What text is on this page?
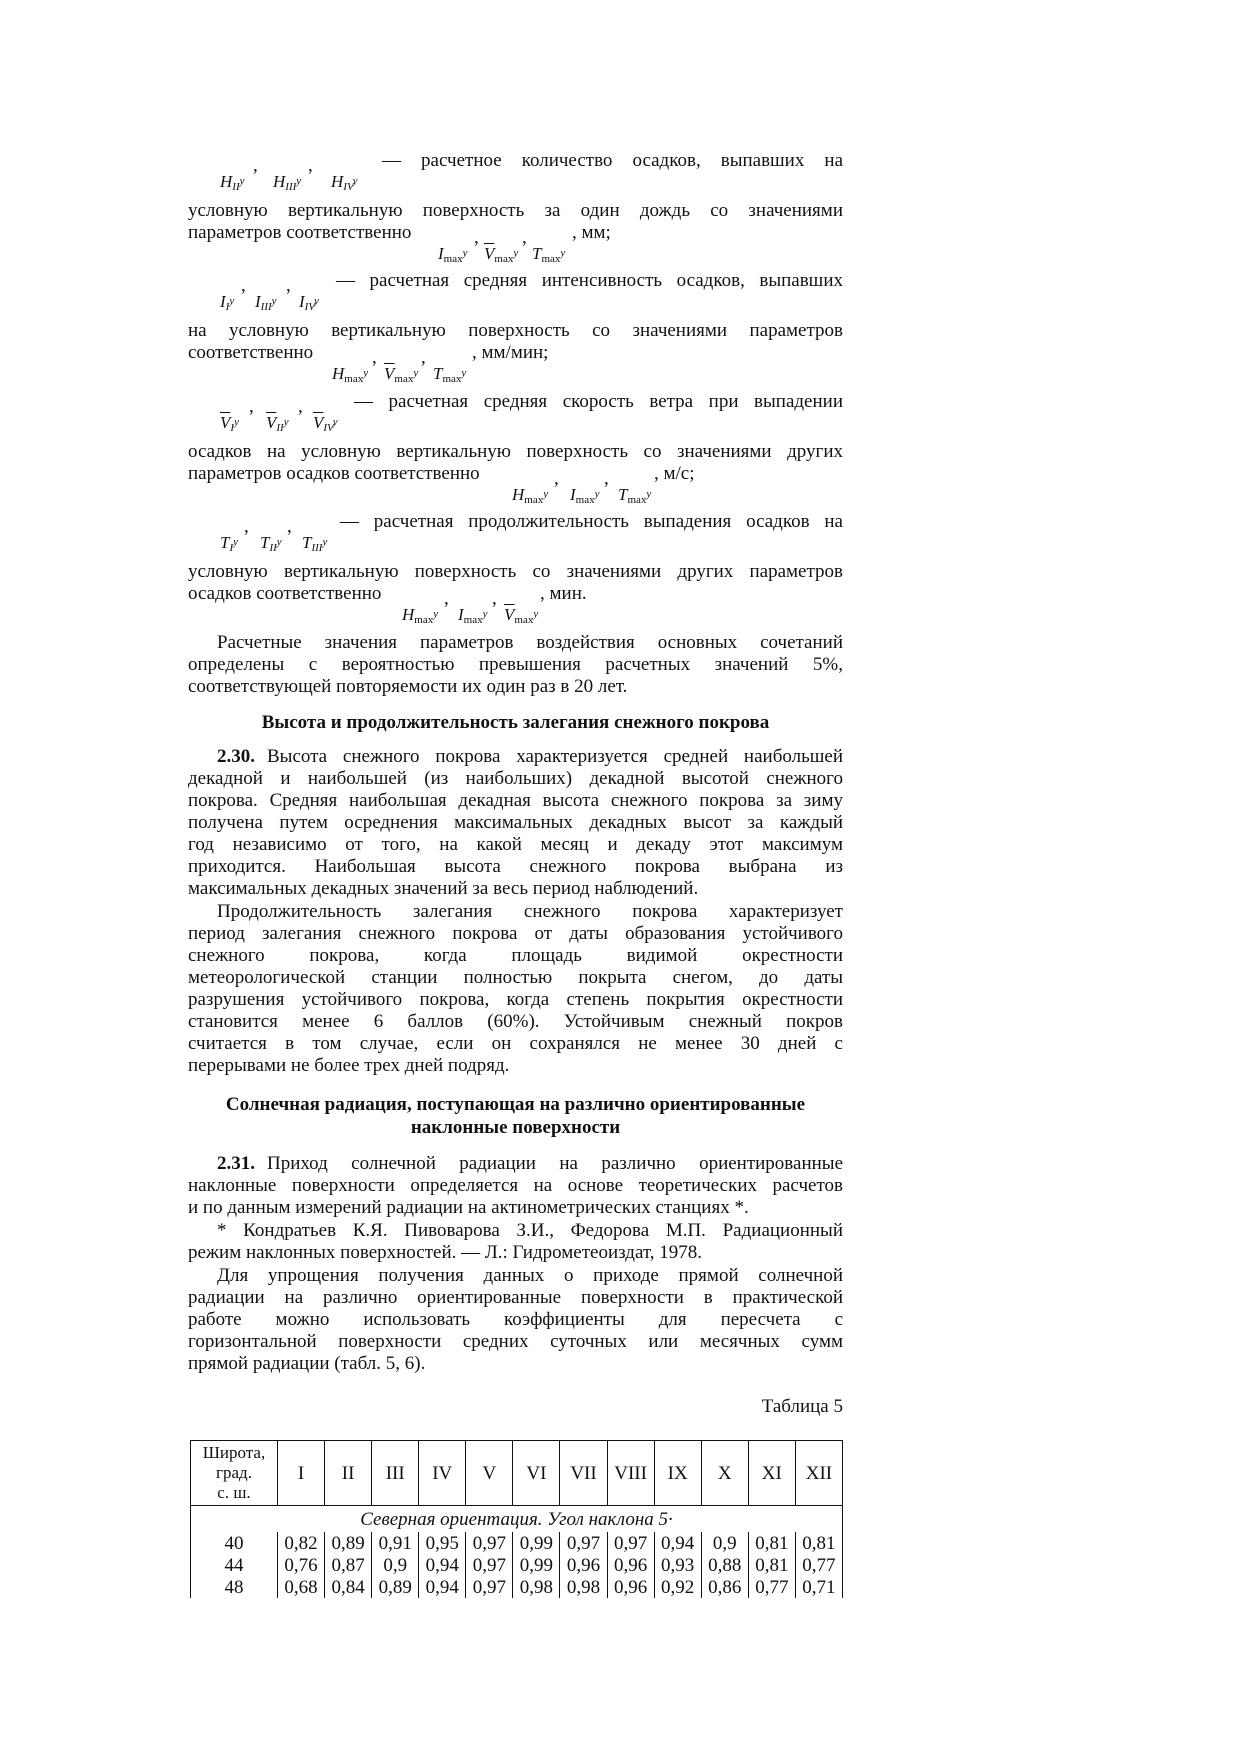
$H_{II}^y$
,
$H_{III}^y$
,
$H_{IV}^y$
— расчетное количество осадков, выпавших на
условную вертикальную поверхность за один дождь со значениями
параметров соответственно
$I_{max}^y$
,
$\overline{V}_{max}^y$
,
$T_{max}^y$
, мм;
$I_I^y$
,
$I_{III}^y$
,
$I_{IV}^y$
— расчетная средняя интенсивность осадков, выпавших
на условную вертикальную поверхность со значениями параметров
соответственно
$H_{max}^y$
,
$\overline{V}_{max}^y$
,
$T_{max}^y$
, мм/мин;
$\overline{V}_I^y$
,
$\overline{V}_{II}^y$
,
$\overline{V}_{IV}^y$
— расчетная средняя скорость ветра при выпадении
осадков на условную вертикальную поверхность со значениями других
параметров осадков соответственно
$H_{max}^y$
,
$I_{max}^y$
,
$T_{max}^y$
, м/с;
$T_I^y$
,
$T_{II}^y$
,
$T_{III}^y$
— расчетная продолжительность выпадения осадков на
условную вертикальную поверхность со значениями других параметров
осадков соответственно
$H_{max}^y$
,
$I_{max}^y$
,
$\overline{V}_{max}^y$
, мин.
Расчетные значения параметров воздействия основных сочетаний
определены с вероятностью превышения расчетных значений 5%,
соответствующей повторяемости их один раз в 20 лет.
Высота и продолжительность залегания снежного покрова
2.30. Высота снежного покрова характеризуется средней наибольшей
декадной и наибольшей (из наибольших) декадной высотой снежного
покрова. Средняя наибольшая декадная высота снежного покрова за зиму
получена путем осреднения максимальных декадных высот за каждый
год независимо от того, на какой месяц и декаду этот максимум
приходится. Наибольшая высота снежного покрова выбрана из
максимальных декадных значений за весь период наблюдений.
Продолжительность залегания снежного покрова характеризует
период залегания снежного покрова от даты образования устойчивого
снежного покрова, когда площадь видимой окрестности
метеорологической станции полностью покрыта снегом, до даты
разрушения устойчивого покрова, когда степень покрытия окрестности
становится менее 6 баллов (60%). Устойчивым снежный покров
считается в том случае, если он сохранялся не менее 30 дней с
перерывами не более трех дней подряд.
Солнечная радиация, поступающая на различно ориентированные
наклонные поверхности
2.31. Приход солнечной радиации на различно ориентированные
наклонные поверхности определяется на основе теоретических расчетов
и по данным измерений радиации на актинометрических станциях *.
* Кондратьев К.Я. Пивоварова З.И., Федорова М.П. Радиационный
режим наклонных поверхностей. — Л.: Гидрометеоиздат, 1978.
Для упрощения получения данных о приходе прямой солнечной
радиации на различно ориентированные поверхности в практической
работе можно использовать коэффициенты для пересчета с
горизонтальной поверхности средних суточных или месячных сумм
прямой радиации (табл. 5, 6).
Таблица 5
Широта,
град.
с. ш.	I	II	III	IV	V	VI	VII	VIII	IX	X	XI	XII
Северная ориентация. Угол наклона 5·												
40	0,82	0,89	0,91	0,95	0,97	0,99	0,97	0,97	0,94	0,9	0,81	0,81
44	0,76	0,87	0,9	0,94	0,97	0,99	0,96	0,96	0,93	0,88	0,81	0,77
48	0,68	0,84	0,89	0,94	0,97	0,98	0,98	0,96	0,92	0,86	0,77	0,71
